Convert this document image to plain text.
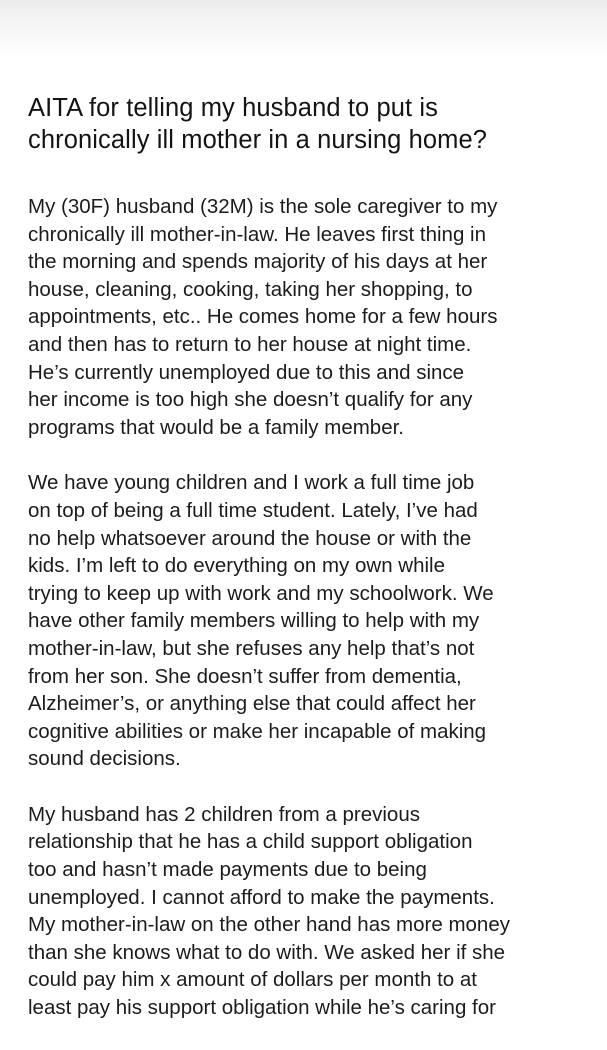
AITA for telling my husband to put is
chronically ill mother in a nursing home?

My (30F) husband (32M) is the sole caregiver to my
chronically ill mother-in-law. He leaves first thing in
the morning and spends majority of his days at her
house, cleaning, cooking, taking her shopping, to
appointments, etc.. He comes home for a few hours
and then has to return to her house at night time.
He’s currently unemployed due to this and since
her income is too high she doesn’t qualify for any
programs that would be a family member.

We have young children and I work a full time job
on top of being a full time student. Lately, I’ve had
no help whatsoever around the house or with the
kids. I’m left to do everything on my own while
trying to keep up with work and my schoolwork. We
have other family members willing to help with my
mother-in-law, but she refuses any help that’s not
from her son. She doesn’t suffer from dementia,
Alzheimer’s, or anything else that could affect her
cognitive abilities or make her incapable of making
sound decisions.

My husband has 2 children from a previous
relationship that he has a child support obligation
too and hasn’t made payments due to being
unemployed. I cannot afford to make the payments.
My mother-in-law on the other hand has more money
than she knows what to do with. We asked her if she
could pay him x amount of dollars per month to at
least pay his support obligation while he’s caring for
